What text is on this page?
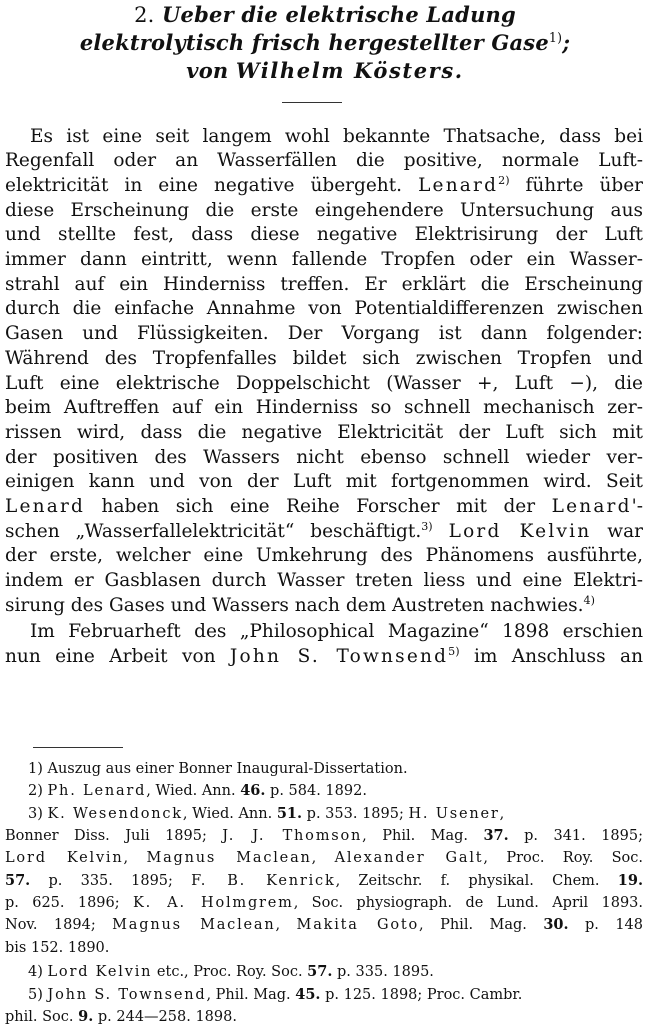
2. Ueber die elektrische Ladung
elektrolytisch frisch hergestellter Gase$^{1)}$;
von Wilhelm Kösters.
Es ist eine seit langem wohl bekannte Thatsache, dass bei
Regenfall oder an Wasserfällen die positive, normale Luft-
elektricität in eine negative übergeht. Lenard$^{2)}$ führte über
diese Erscheinung die erste eingehendere Untersuchung aus
und stellte fest, dass diese negative Elektrisirung der Luft
immer dann eintritt, wenn fallende Tropfen oder ein Wasser-
strahl auf ein Hinderniss treffen. Er erklärt die Erscheinung
durch die einfache Annahme von Potentialdifferenzen zwischen
Gasen und Flüssigkeiten. Der Vorgang ist dann folgender:
Während des Tropfenfalles bildet sich zwischen Tropfen und
Luft eine elektrische Doppelschicht (Wasser +, Luft −), die
beim Auftreffen auf ein Hinderniss so schnell mechanisch zer-
rissen wird, dass die negative Elektricität der Luft sich mit
der positiven des Wassers nicht ebenso schnell wieder ver-
einigen kann und von der Luft mit fortgenommen wird. Seit
Lenard haben sich eine Reihe Forscher mit der Lenard'-
schen „Wasserfallelektricität“ beschäftigt.$^{3)}$ Lord Kelvin war
der erste, welcher eine Umkehrung des Phänomens ausführte,
indem er Gasblasen durch Wasser treten liess und eine Elektri-
sirung des Gases und Wassers nach dem Austreten nachwies.$^{4)}$
Im Februarheft des „Philosophical Magazine“ 1898 erschien
nun eine Arbeit von John S. Townsend$^{5)}$ im Anschluss an
1) Auszug aus einer Bonner Inaugural-Dissertation.
2) Ph. Lenard, Wied. Ann. 46. p. 584. 1892.
3) K. Wesendonck, Wied. Ann. 51. p. 353. 1895; H. Usener,
Bonner Diss. Juli 1895; J. J. Thomson, Phil. Mag. 37. p. 341. 1895;
Lord Kelvin, Magnus Maclean, Alexander Galt, Proc. Roy. Soc.
57. p. 335. 1895; F. B. Kenrick, Zeitschr. f. physikal. Chem. 19.
p. 625. 1896; K. A. Holmgrem, Soc. physiograph. de Lund. April 1893.
Nov. 1894; Magnus Maclean, Makita Goto, Phil. Mag. 30. p. 148
bis 152. 1890.
4) Lord Kelvin etc., Proc. Roy. Soc. 57. p. 335. 1895.
5) John S. Townsend, Phil. Mag. 45. p. 125. 1898; Proc. Cambr.
phil. Soc. 9. p. 244—258. 1898.
